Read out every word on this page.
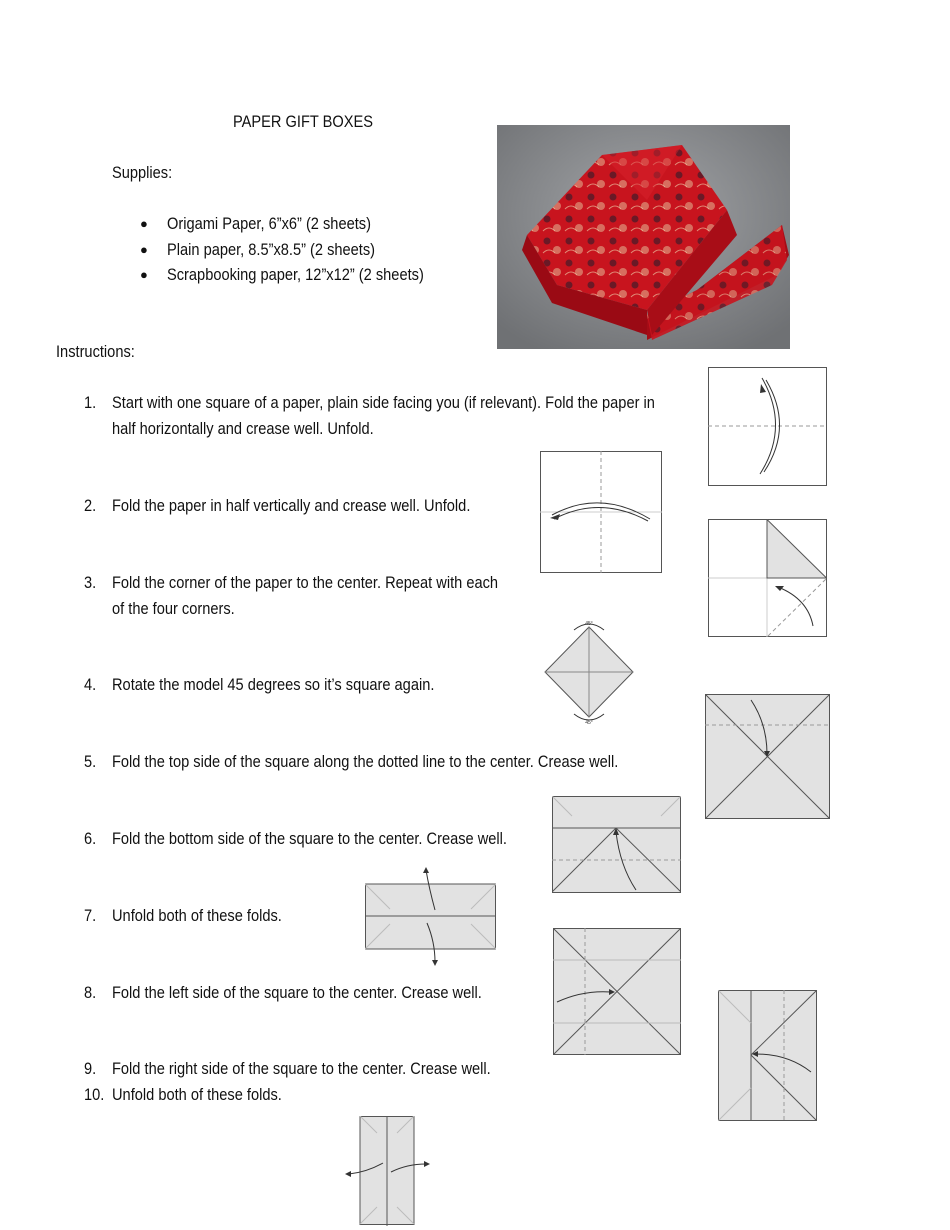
PAPER GIFT BOXES
Supplies:
● Origami Paper, 6”x6” (2 sheets)
● Plain paper, 8.5”x8.5” (2 sheets)
● Scrapbooking paper, 12”x12” (2 sheets)
Instructions:
1. Start with one square of a paper, plain side facing you (if relevant). Fold the paper in
half horizontally and crease well. Unfold.
2. Fold the paper in half vertically and crease well. Unfold.
3. Fold the corner of the paper to the center. Repeat with each
of the four corners.
4. Rotate the model 45 degrees so it’s square again.
5. Fold the top side of the square along the dotted line to the center. Crease well.
6. Fold the bottom side of the square to the center. Crease well.
7. Unfold both of these folds.
8. Fold the left side of the square to the center. Crease well.
9. Fold the right side of the square to the center. Crease well.
10. Unfold both of these folds.
45°
45°
